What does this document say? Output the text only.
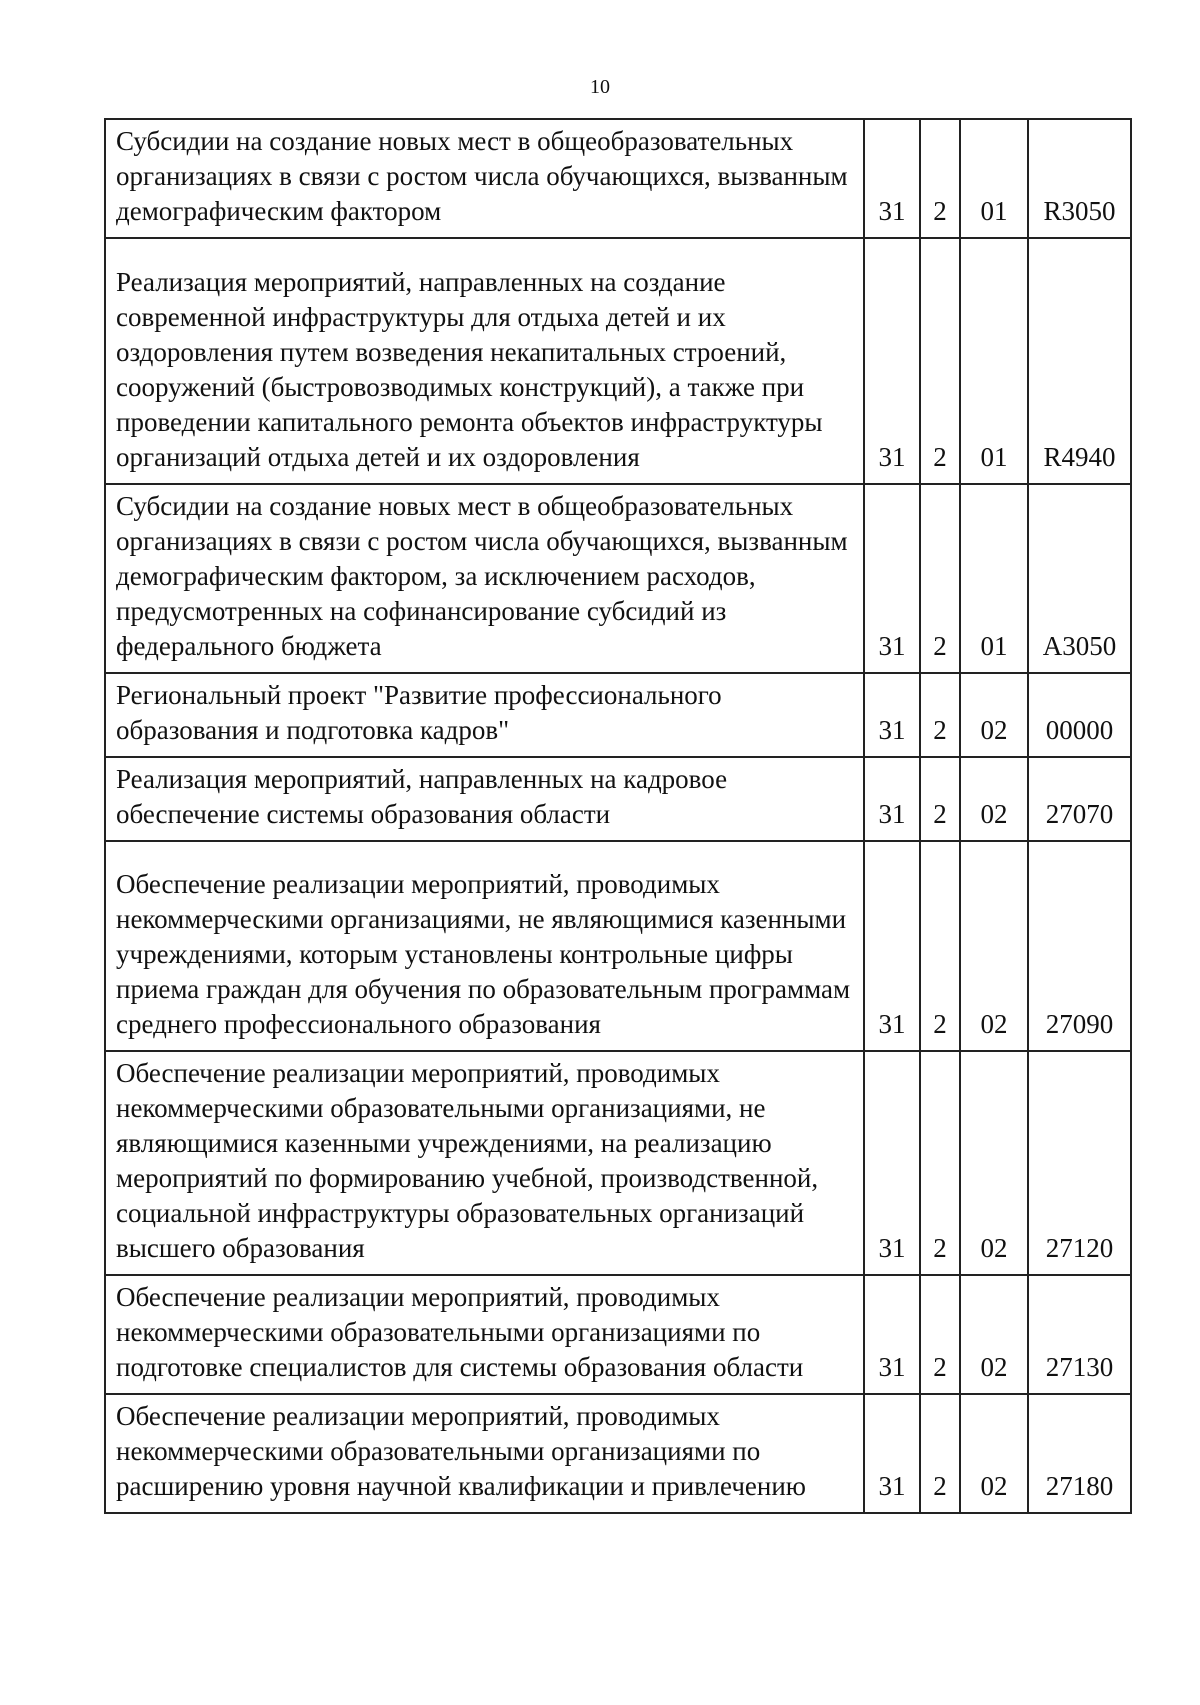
10
Субсидии на создание новых мест в общеобразовательных организациях в связи с ростом числа обучающихся, вызванным демографическим фактором	31	2	01	R3050
Реализация мероприятий, направленных на создание современной инфраструктуры для отдыха детей и их оздоровления путем возведения некапитальных строений, сооружений (быстровозводимых конструкций), а также при проведении капитального ремонта объектов инфраструктуры организаций отдыха детей и их оздоровления	31	2	01	R4940
Субсидии на создание новых мест в общеобразовательных организациях в связи с ростом числа обучающихся, вызванным демографическим фактором, за исключением расходов, предусмотренных на софинансирование субсидий из федерального бюджета	31	2	01	А3050
Региональный проект "Развитие профессионального образования и подготовка кадров"	31	2	02	00000
Реализация мероприятий, направленных на кадровое обеспечение системы образования области	31	2	02	27070
Обеспечение реализации мероприятий, проводимых некоммерческими организациями, не являющимися казенными учреждениями, которым установлены контрольные цифры приема граждан для обучения по образовательным программам среднего профессионального образования	31	2	02	27090
Обеспечение реализации мероприятий, проводимых некоммерческими образовательными организациями, не являющимися казенными учреждениями, на реализацию мероприятий по формированию учебной, производственной, социальной инфраструктуры образовательных организаций высшего образования	31	2	02	27120
Обеспечение реализации мероприятий, проводимых некоммерческими образовательными организациями по подготовке специалистов для системы образования области	31	2	02	27130
Обеспечение реализации мероприятий, проводимых некоммерческими образовательными организациями по расширению уровня научной квалификации и привлечению	31	2	02	27180
